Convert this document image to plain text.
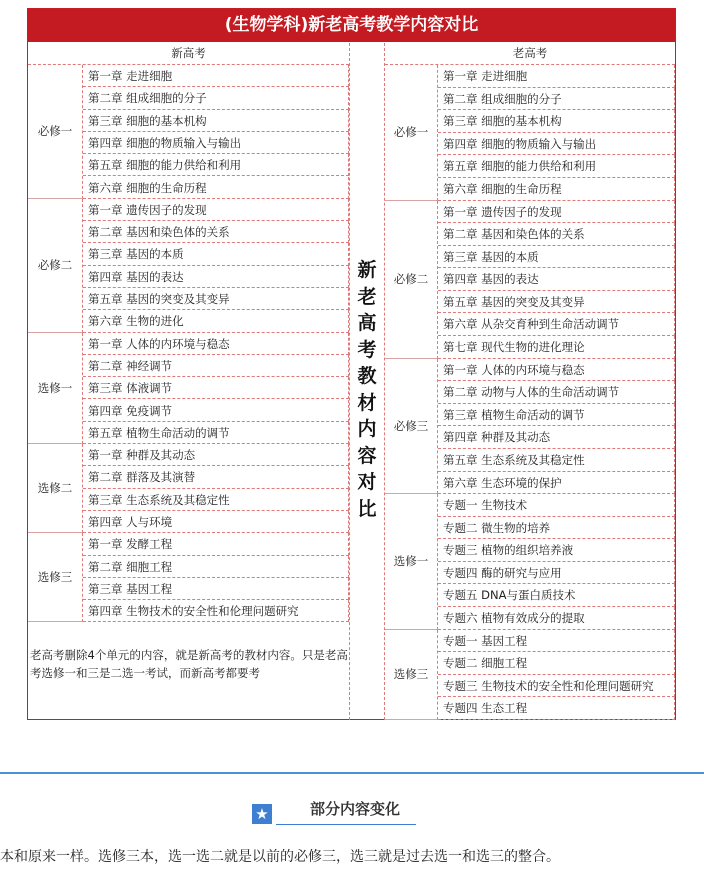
(生物学科)新老高考教学内容对比
新高考	老高考
新
老
高
考
教
材
内
容
对
比
必修一
第一章 走进细胞
第二章 组成细胞的分子
第三章 细胞的基本机构
第四章 细胞的物质输入与输出
第五章 细胞的能力供给和利用
第六章 细胞的生命历程
必修二
第一章 遗传因子的发现
第二章 基因和染色体的关系
第三章 基因的本质
第四章 基因的表达
第五章 基因的突变及其变异
第六章 生物的进化
选修一
第一章 人体的内环境与稳态
第二章 神经调节
第三章 体液调节
第四章 免疫调节
第五章 植物生命活动的调节
选修二
第一章 种群及其动态
第二章 群落及其演替
第三章 生态系统及其稳定性
第四章 人与环境
选修三
第一章 发酵工程
第二章 细胞工程
第三章 基因工程
第四章 生物技术的安全性和伦理问题研究
必修一
第一章 走进细胞
第二章 组成细胞的分子
第三章 细胞的基本机构
第四章 细胞的物质输入与输出
第五章 细胞的能力供给和利用
第六章 细胞的生命历程
必修二
第一章 遗传因子的发现
第二章 基因和染色体的关系
第三章 基因的本质
第四章 基因的表达
第五章 基因的突变及其变异
第六章 从杂交育种到生命活动调节
第七章 现代生物的进化理论
必修三
第一章 人体的内环境与稳态
第二章 动物与人体的生命活动调节
第三章 植物生命活动的调节
第四章 种群及其动态
第五章 生态系统及其稳定性
第六章 生态环境的保护
选修一
专题一 生物技术
专题二 微生物的培养
专题三 植物的组织培养液
专题四 酶的研究与应用
专题五 DNA与蛋白质技术
专题六 植物有效成分的提取
选修三
专题一 基因工程
专题二 细胞工程
专题三 生物技术的安全性和伦理问题研究
专题四 生态工程
老高考删除4个单元的内容，就是新高考的教材内容。只是老高考选修一和三是二选一考试，而新高考都要考
★	部分内容变化
本和原来一样。选修三本，选一选二就是以前的必修三，选三就是过去选一和选三的整合。
